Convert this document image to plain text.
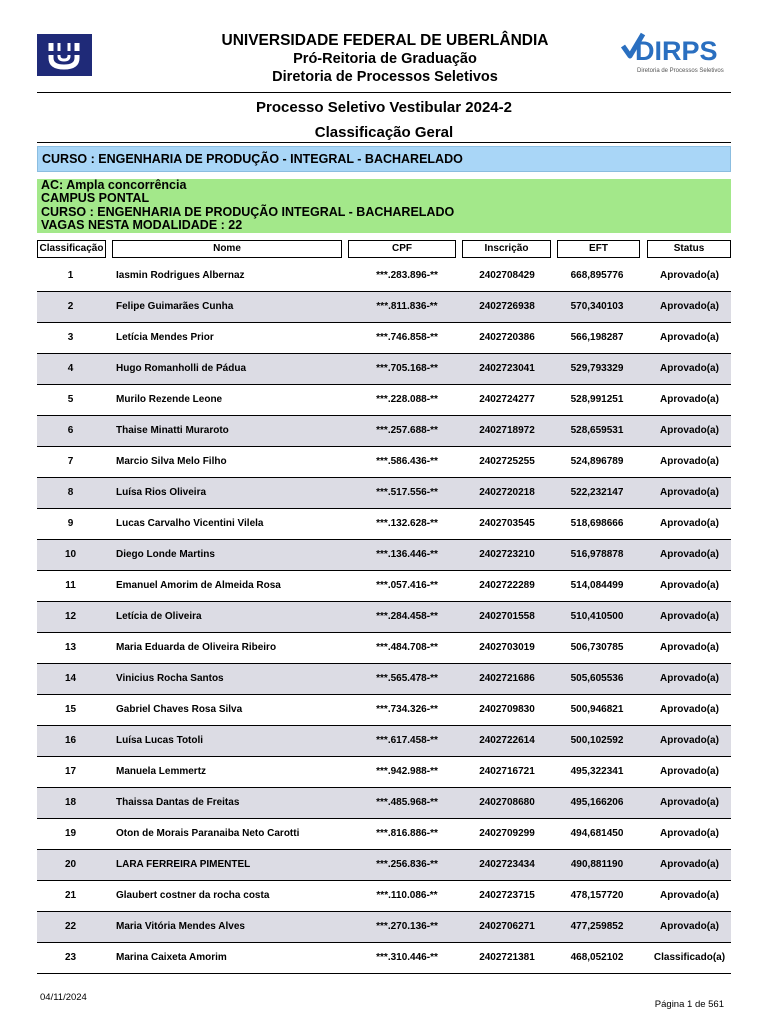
UNIVERSIDADE FEDERAL DE UBERLÂNDIA
Pró-Reitoria de Graduação
Diretoria de Processos Seletivos
DIRPS
Diretoria de Processos Seletivos
Processo Seletivo Vestibular 2024-2
Classificação Geral
CURSO : ENGENHARIA DE PRODUÇÃO - INTEGRAL - BACHARELADO
AC: Ampla concorrência
CAMPUS PONTAL
CURSO : ENGENHARIA DE PRODUÇÃO INTEGRAL - BACHARELADO
VAGAS NESTA MODALIDADE : 22
Classificação	Nome	CPF	Inscrição	EFT	Status
1	Iasmin Rodrigues Albernaz	***.283.896-**	2402708429	668,895776	Aprovado(a)
2	Felipe Guimarães Cunha	***.811.836-**	2402726938	570,340103	Aprovado(a)
3	Letícia Mendes Prior	***.746.858-**	2402720386	566,198287	Aprovado(a)
4	Hugo Romanholli de Pádua	***.705.168-**	2402723041	529,793329	Aprovado(a)
5	Murilo Rezende Leone	***.228.088-**	2402724277	528,991251	Aprovado(a)
6	Thaise Minatti Muraroto	***.257.688-**	2402718972	528,659531	Aprovado(a)
7	Marcio Silva Melo Filho	***.586.436-**	2402725255	524,896789	Aprovado(a)
8	Luísa Rios Oliveira	***.517.556-**	2402720218	522,232147	Aprovado(a)
9	Lucas Carvalho Vicentini Vilela	***.132.628-**	2402703545	518,698666	Aprovado(a)
10	Diego Londe Martins	***.136.446-**	2402723210	516,978878	Aprovado(a)
11	Emanuel Amorim de Almeida Rosa	***.057.416-**	2402722289	514,084499	Aprovado(a)
12	Letícia de Oliveira	***.284.458-**	2402701558	510,410500	Aprovado(a)
13	Maria Eduarda de Oliveira Ribeiro	***.484.708-**	2402703019	506,730785	Aprovado(a)
14	Vinicius Rocha Santos	***.565.478-**	2402721686	505,605536	Aprovado(a)
15	Gabriel Chaves Rosa Silva	***.734.326-**	2402709830	500,946821	Aprovado(a)
16	Luísa Lucas Totoli	***.617.458-**	2402722614	500,102592	Aprovado(a)
17	Manuela Lemmertz	***.942.988-**	2402716721	495,322341	Aprovado(a)
18	Thaissa Dantas de Freitas	***.485.968-**	2402708680	495,166206	Aprovado(a)
19	Oton de Morais Paranaiba Neto Carotti	***.816.886-**	2402709299	494,681450	Aprovado(a)
20	LARA FERREIRA PIMENTEL	***.256.836-**	2402723434	490,881190	Aprovado(a)
21	Glaubert costner da rocha costa	***.110.086-**	2402723715	478,157720	Aprovado(a)
22	Maria Vitória Mendes Alves	***.270.136-**	2402706271	477,259852	Aprovado(a)
23	Marina Caixeta Amorim	***.310.446-**	2402721381	468,052102	Classificado(a)
04/11/2024
Página 1 de 561
